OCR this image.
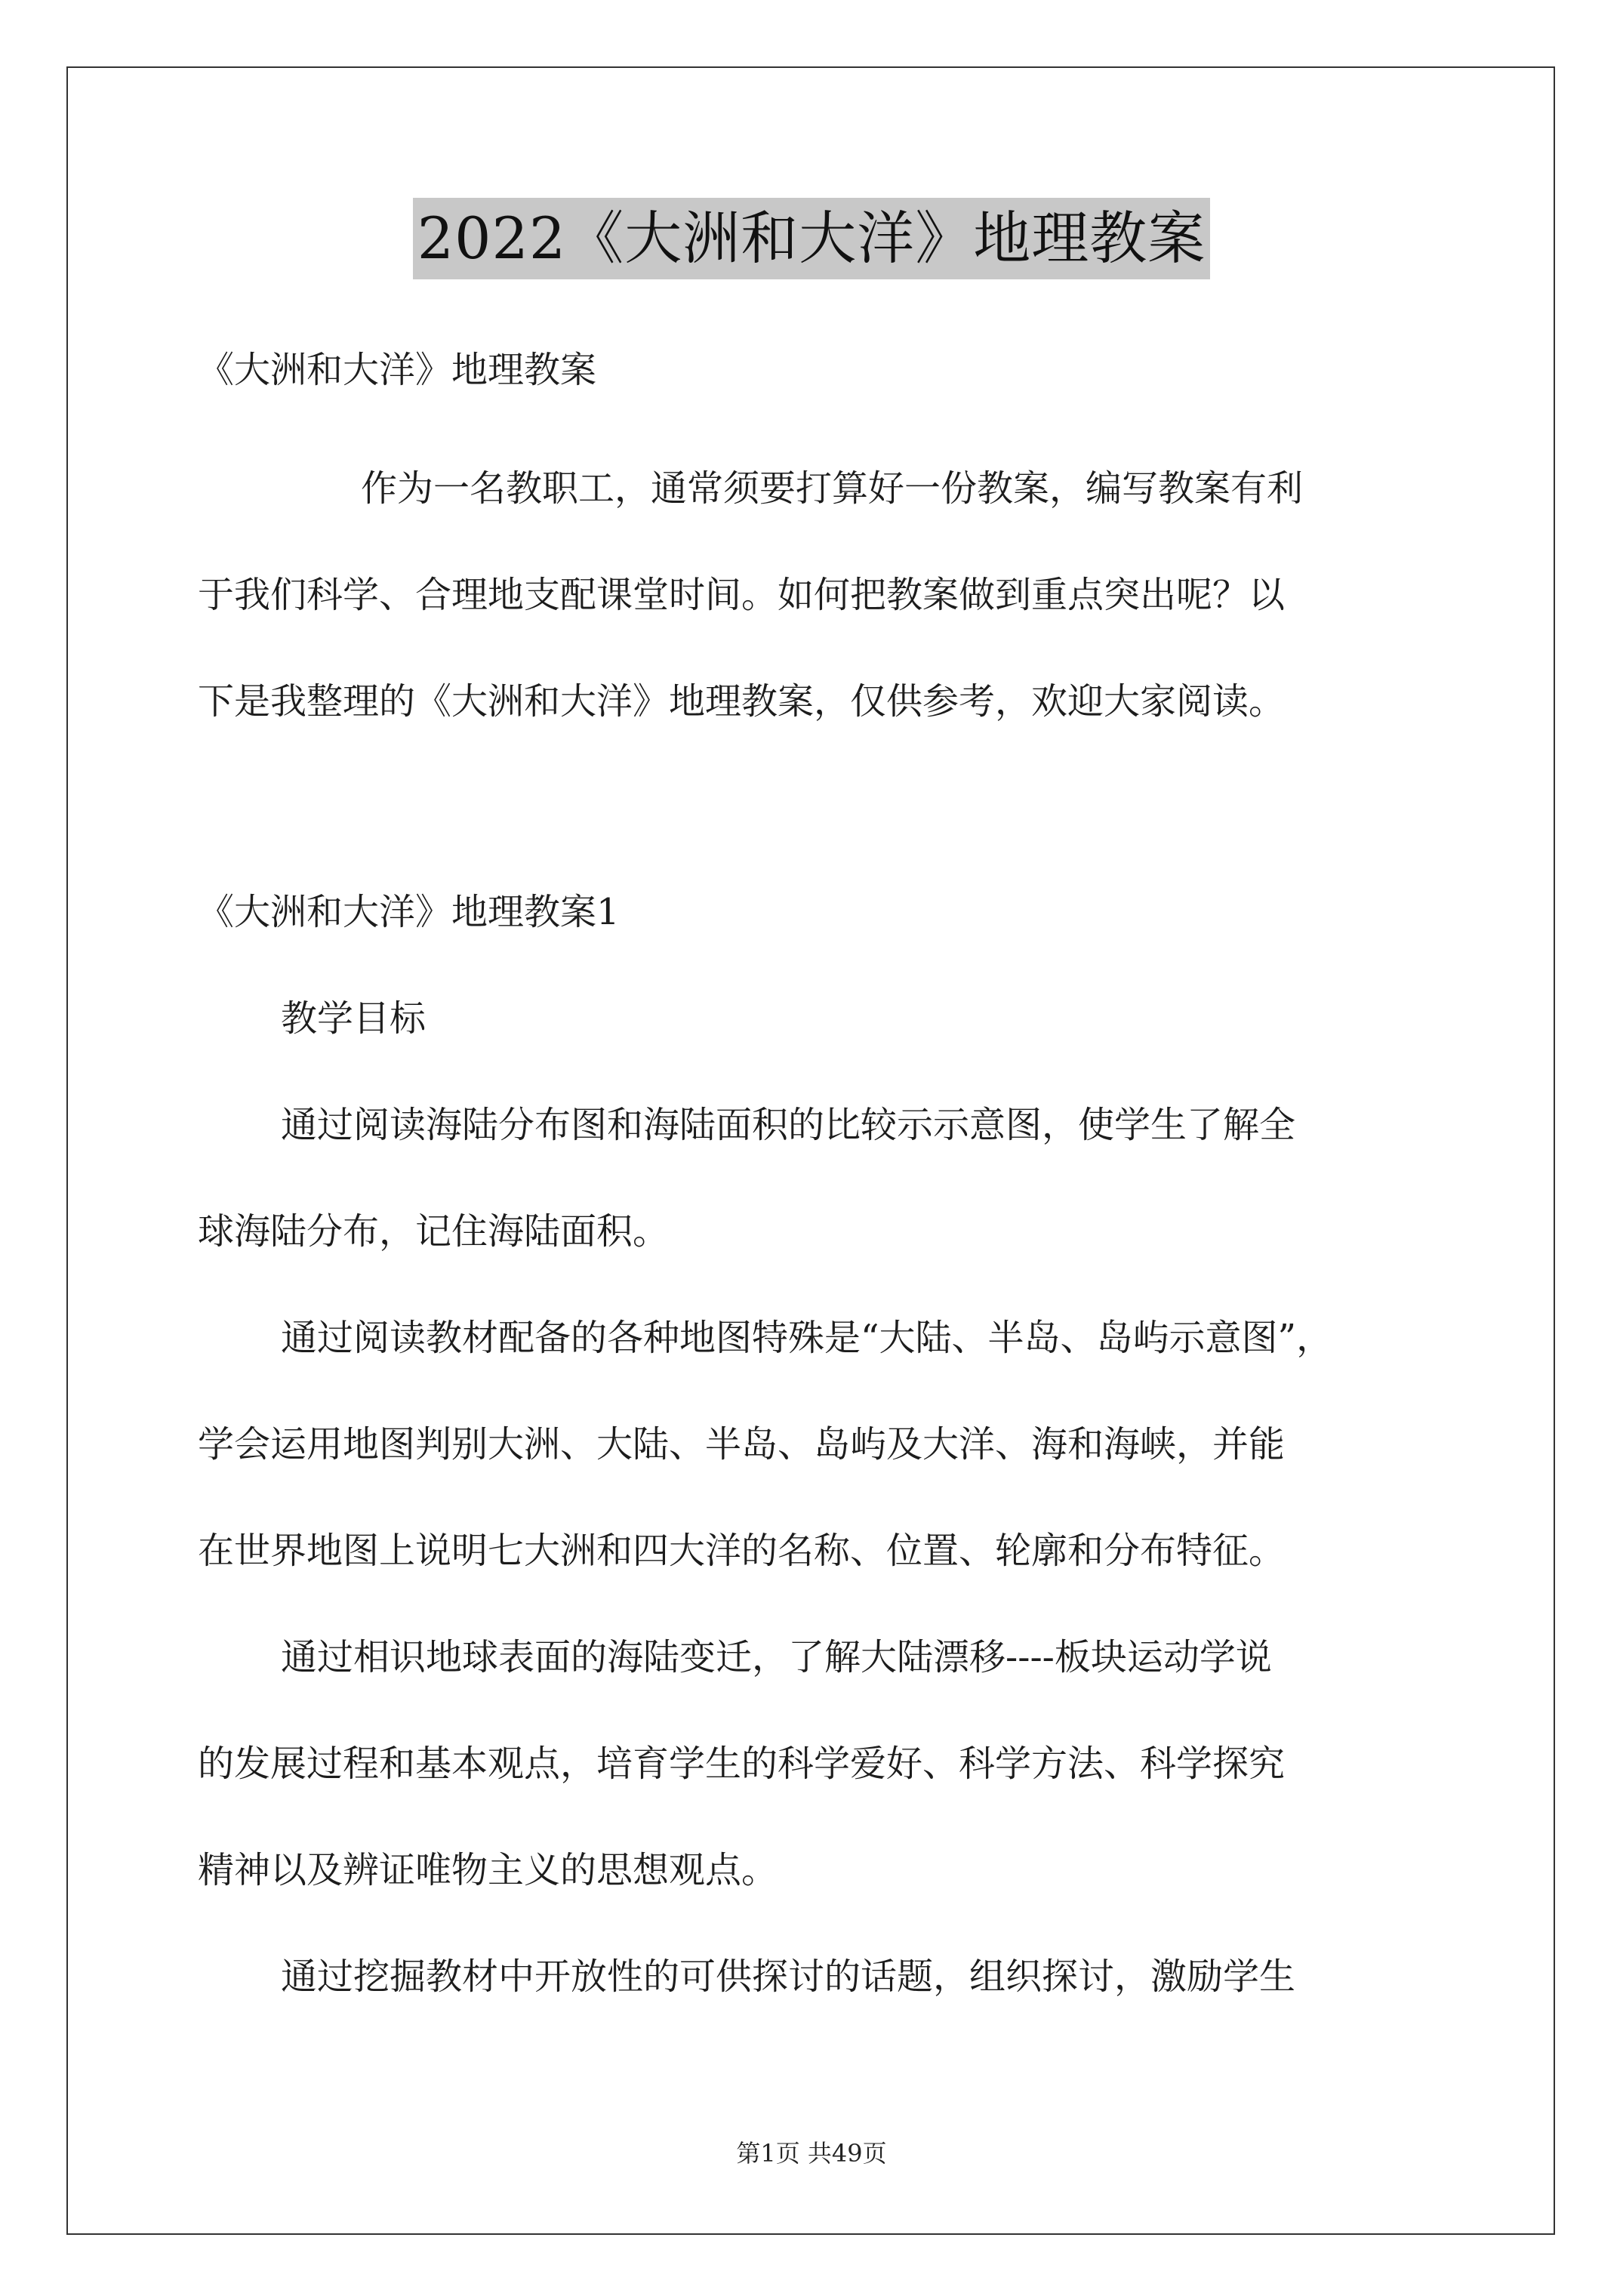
2022《大洲和大洋》地理教案
《大洲和大洋》地理教案
作为一名教职工，通常须要打算好一份教案，编写教案有利
于我们科学、合理地支配课堂时间。如何把教案做到重点突出呢？以
下是我整理的《大洲和大洋》地理教案，仅供参考，欢迎大家阅读。
《大洲和大洋》地理教案1
教学目标
通过阅读海陆分布图和海陆面积的比较示示意图，使学生了解全
球海陆分布，记住海陆面积。
通过阅读教材配备的各种地图特殊是“大陆、半岛、岛屿示意图”，
学会运用地图判别大洲、大陆、半岛、岛屿及大洋、海和海峡，并能
在世界地图上说明七大洲和四大洋的名称、位置、轮廓和分布特征。
通过相识地球表面的海陆变迁，了解大陆漂移----板块运动学说
的发展过程和基本观点，培育学生的科学爱好、科学方法、科学探究
精神以及辨证唯物主义的思想观点。
通过挖掘教材中开放性的可供探讨的话题，组织探讨，激励学生
第1页 共49页
